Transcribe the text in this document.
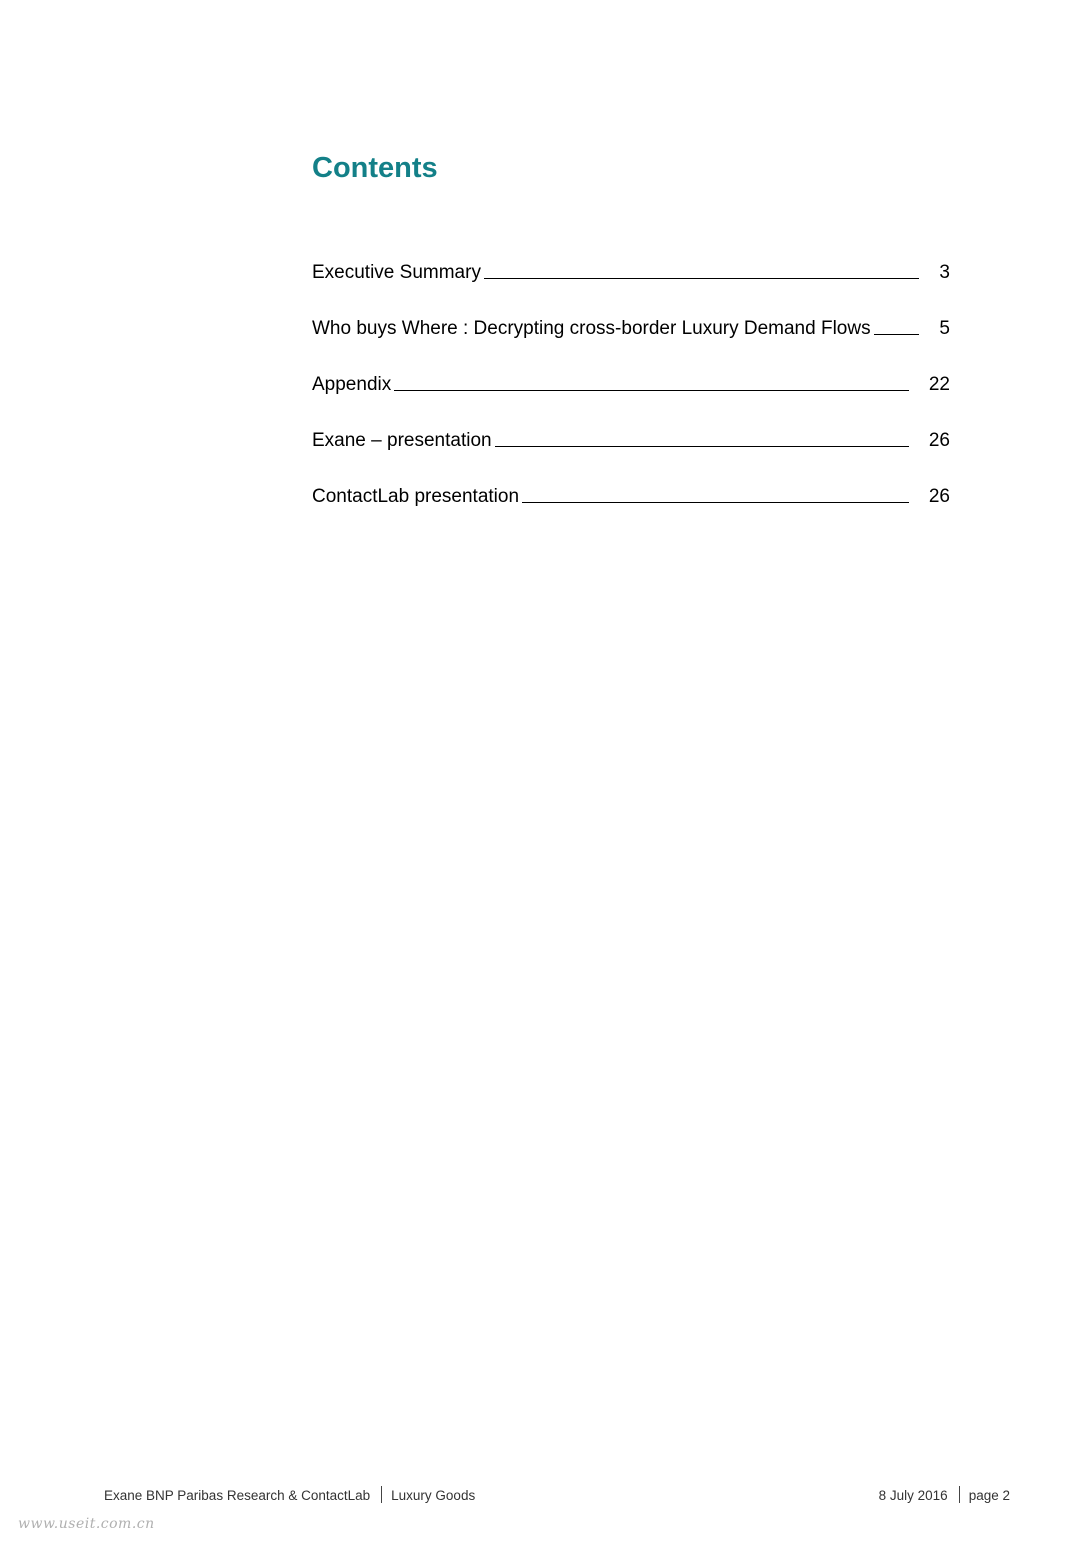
Contents
Executive Summary	3
Who buys Where : Decrypting cross-border Luxury Demand Flows	5
Appendix	22
Exane – presentation	26
ContactLab presentation	26
Exane BNP Paribas Research & ContactLab Luxury Goods	8 July 2016 page 2
www.useit.com.cn
